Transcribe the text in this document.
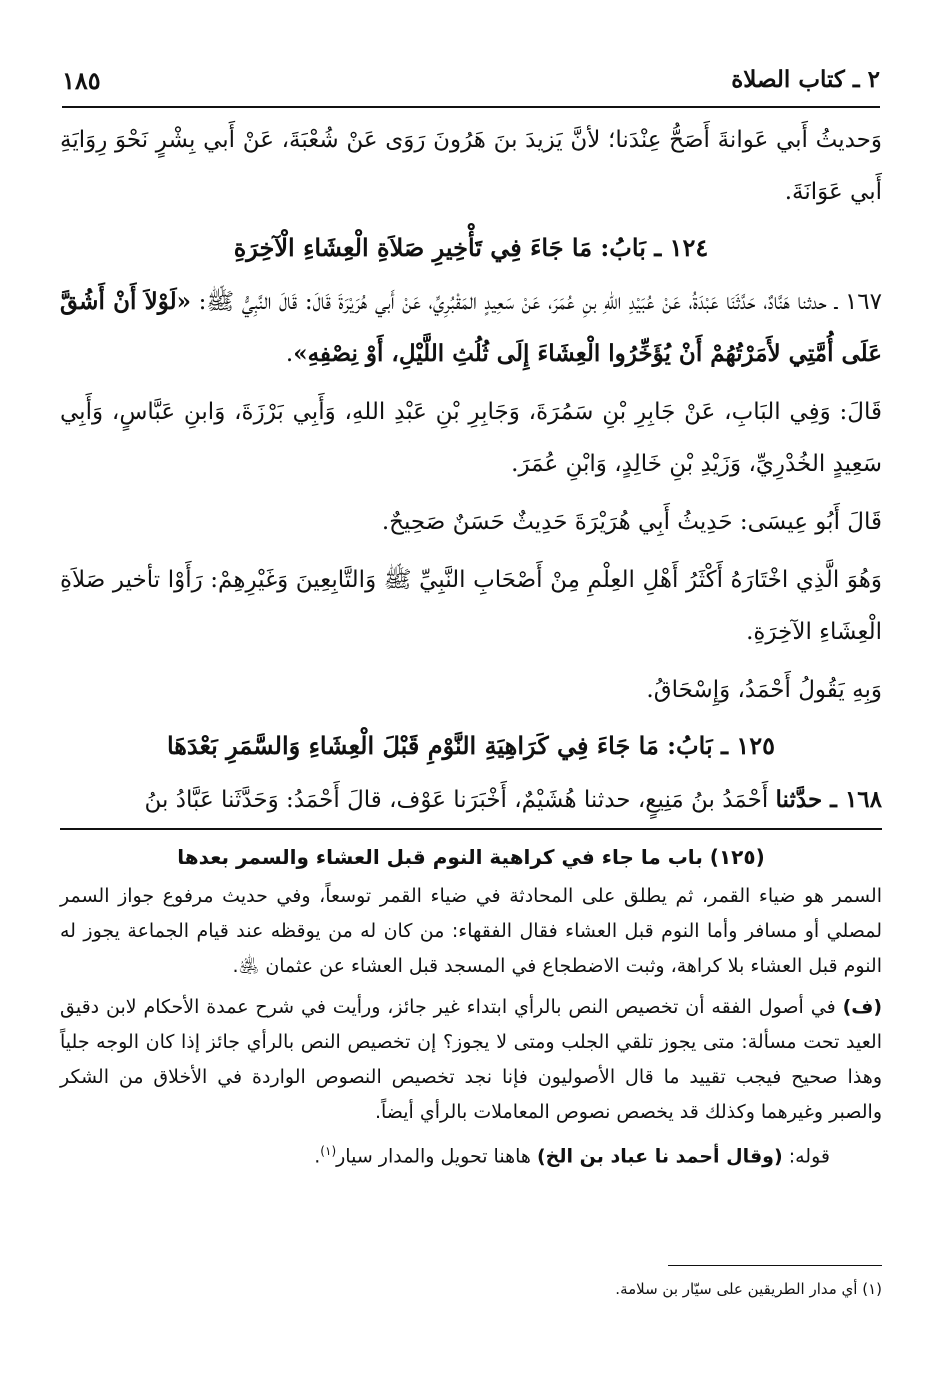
٢ ـ كتاب الصلاة
١٨٥

وَحديثُ أَبي عَوانةَ أَصَحُّ عِنْدَنا؛ لأنَّ يَزيدَ بنَ هَرُونَ رَوَى عَنْ شُعْبَةَ، عَنْ أَبي بِشْرٍ نَحْوَ رِوَايَةِ أَبي عَوَانَةَ.

١٢٤ ـ بَابُ: مَا جَاءَ فِي تَأْخِيرِ صَلاَةِ الْعِشَاءِ الْآخِرَةِ

١٦٧ ـ حدثنا هَنَّادٌ، حَدَّثَنَا عَبْدَةُ، عَنْ عُبَيْدِ اللهِ بنِ عُمَرَ، عَنْ سَعِيدٍ المَقْبُرِيِّ، عَنْ أَبي هُرَيْرَةَ قَالَ: قَالَ النَّبِيُّ ﷺ: «لَوْلاَ أَنْ أَشُقَّ عَلَى أُمَّتِي لأَمَرْتُهُمْ أَنْ يُؤَخِّرُوا الْعِشَاءَ إِلَى ثُلُثِ اللَّيْلِ، أَوْ نِصْفِهِ».

قَالَ: وَفِي البَابِ، عَنْ جَابِرِ بْنِ سَمُرَةَ، وَجَابِرِ بْنِ عَبْدِ اللهِ، وَأَبِي بَرْزَةَ، وَابنِ عَبَّاسٍ، وَأَبِي سَعِيدٍ الخُدْرِيِّ، وَزَيْدِ بْنِ خَالِدٍ، وَابْنِ عُمَرَ.

قَالَ أَبُو عِيسَى: حَدِيثُ أَبِي هُرَيْرَةَ حَدِيثٌ حَسَنٌ صَحِيحٌ.

وَهُوَ الَّذِي اخْتَارَهُ أَكْثَرُ أَهْلِ العِلْمِ مِنْ أَصْحَابِ النَّبِيِّ ﷺ وَالتَّابِعِينَ وَغَيْرِهِمْ: رَأَوْا تأخير صَلاَةِ الْعِشَاءِ الآخِرَةِ.

وَبِهِ يَقُولُ أَحْمَدُ، وَإِسْحَاقُ.

١٢٥ ـ بَابُ: مَا جَاءَ فِي كَرَاهِيَةِ النَّوْمِ قَبْلَ الْعِشَاءِ وَالسَّمَرِ بَعْدَهَا

١٦٨ ـ حدَّثنا أَحْمَدُ بنُ مَنِيعٍ، حدثنا هُشَيْمٌ، أَخْبَرَنا عَوْف، قالَ أَحْمَدُ: وَحَدَّثَنا عَبَّادُ بنُ

(١٢٥) باب ما جاء في كراهية النوم قبل العشاء والسمر بعدها

السمر هو ضياء القمر، ثم يطلق على المحادثة في ضياء القمر توسعاً، وفي حديث مرفوع جواز السمر لمصلي أو مسافر وأما النوم قبل العشاء فقال الفقهاء: من كان له من يوقظه عند قيام الجماعة يجوز له النوم قبل العشاء بلا كراهة، وثبت الاضطجاع في المسجد قبل العشاء عن عثمان ﵁.

(ف) في أصول الفقه أن تخصيص النص بالرأي ابتداء غير جائز، ورأيت في شرح عمدة الأحكام لابن دقيق العيد تحت مسألة: متى يجوز تلقي الجلب ومتى لا يجوز؟ إن تخصيص النص بالرأي جائز إذا كان الوجه جلياً وهذا صحيح فيجب تقييد ما قال الأصوليون فإنا نجد تخصيص النصوص الواردة في الأخلاق من الشكر والصبر وغيرهما وكذلك قد يخصص نصوص المعاملات بالرأي أيضاً.

قوله: (وقال أحمد نا عباد بن الخ) هاهنا تحويل والمدار سيار$^{(١)}$.

(١) أي مدار الطريقين على سيّار بن سلامة.
